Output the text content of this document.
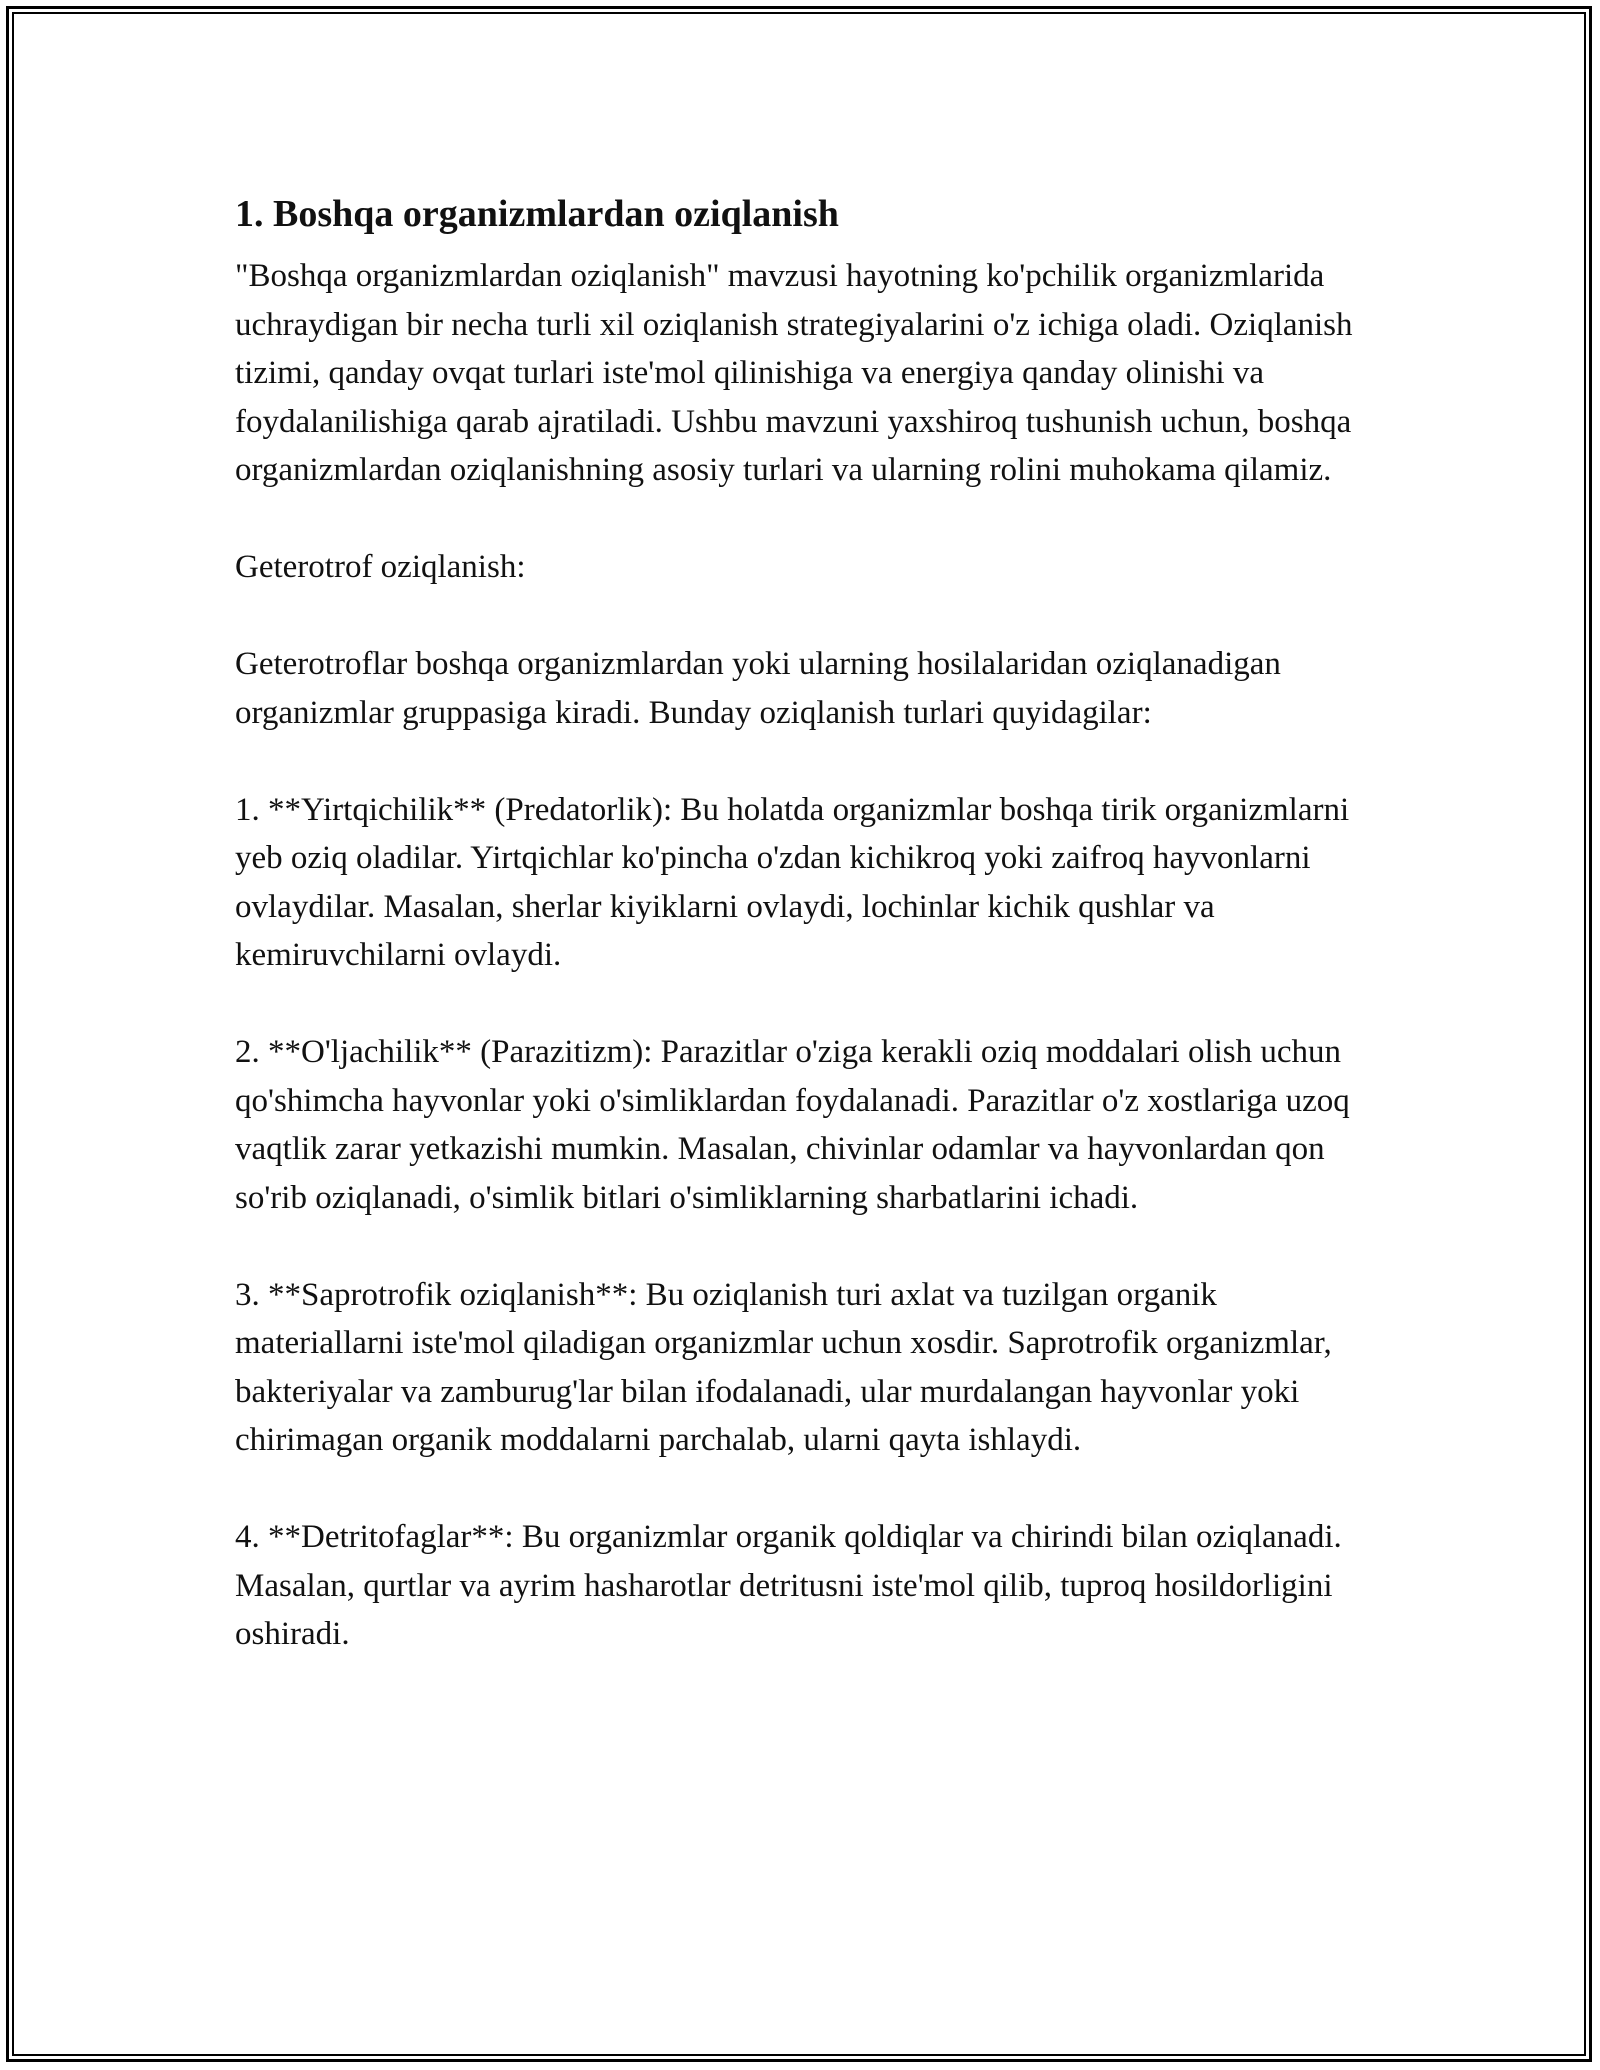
1. Boshqa organizmlardan oziqlanish

"Boshqa organizmlardan oziqlanish" mavzusi hayotning ko'pchilik organizmlarida uchraydigan bir necha turli xil oziqlanish strategiyalarini o'z ichiga oladi. Oziqlanish tizimi, qanday ovqat turlari iste'mol qilinishiga va energiya qanday olinishi va foydalanilishiga qarab ajratiladi. Ushbu mavzuni yaxshiroq tushunish uchun, boshqa organizmlardan oziqlanishning asosiy turlari va ularning rolini muhokama qilamiz.

Geterotrof oziqlanish:

Geterotroflar boshqa organizmlardan yoki ularning hosilalaridan oziqlanadigan organizmlar gruppasiga kiradi. Bunday oziqlanish turlari quyidagilar:

1. **Yirtqichilik** (Predatorlik): Bu holatda organizmlar boshqa tirik organizmlarni yeb oziq oladilar. Yirtqichlar ko'pincha o'zdan kichikroq yoki zaifroq hayvonlarni ovlaydilar. Masalan, sherlar kiyiklarni ovlaydi, lochinlar kichik qushlar va kemiruvchilarni ovlaydi.

2. **O'ljachilik** (Parazitizm): Parazitlar o'ziga kerakli oziq moddalari olish uchun qo'shimcha hayvonlar yoki o'simliklardan foydalanadi. Parazitlar o'z xostlariga uzoq vaqtlik zarar yetkazishi mumkin. Masalan, chivinlar odamlar va hayvonlardan qon so'rib oziqlanadi, o'simlik bitlari o'simliklarning sharbatlarini ichadi.

3. **Saprotrofik oziqlanish**: Bu oziqlanish turi axlat va tuzilgan organik materiallarni iste'mol qiladigan organizmlar uchun xosdir. Saprotrofik organizmlar, bakteriyalar va zamburug'lar bilan ifodalanadi, ular murdalangan hayvonlar yoki chirimagan organik moddalarni parchalab, ularni qayta ishlaydi.

4. **Detritofaglar**: Bu organizmlar organik qoldiqlar va chirindi bilan oziqlanadi. Masalan, qurtlar va ayrim hasharotlar detritusni iste'mol qilib, tuproq hosildorligini oshiradi.
